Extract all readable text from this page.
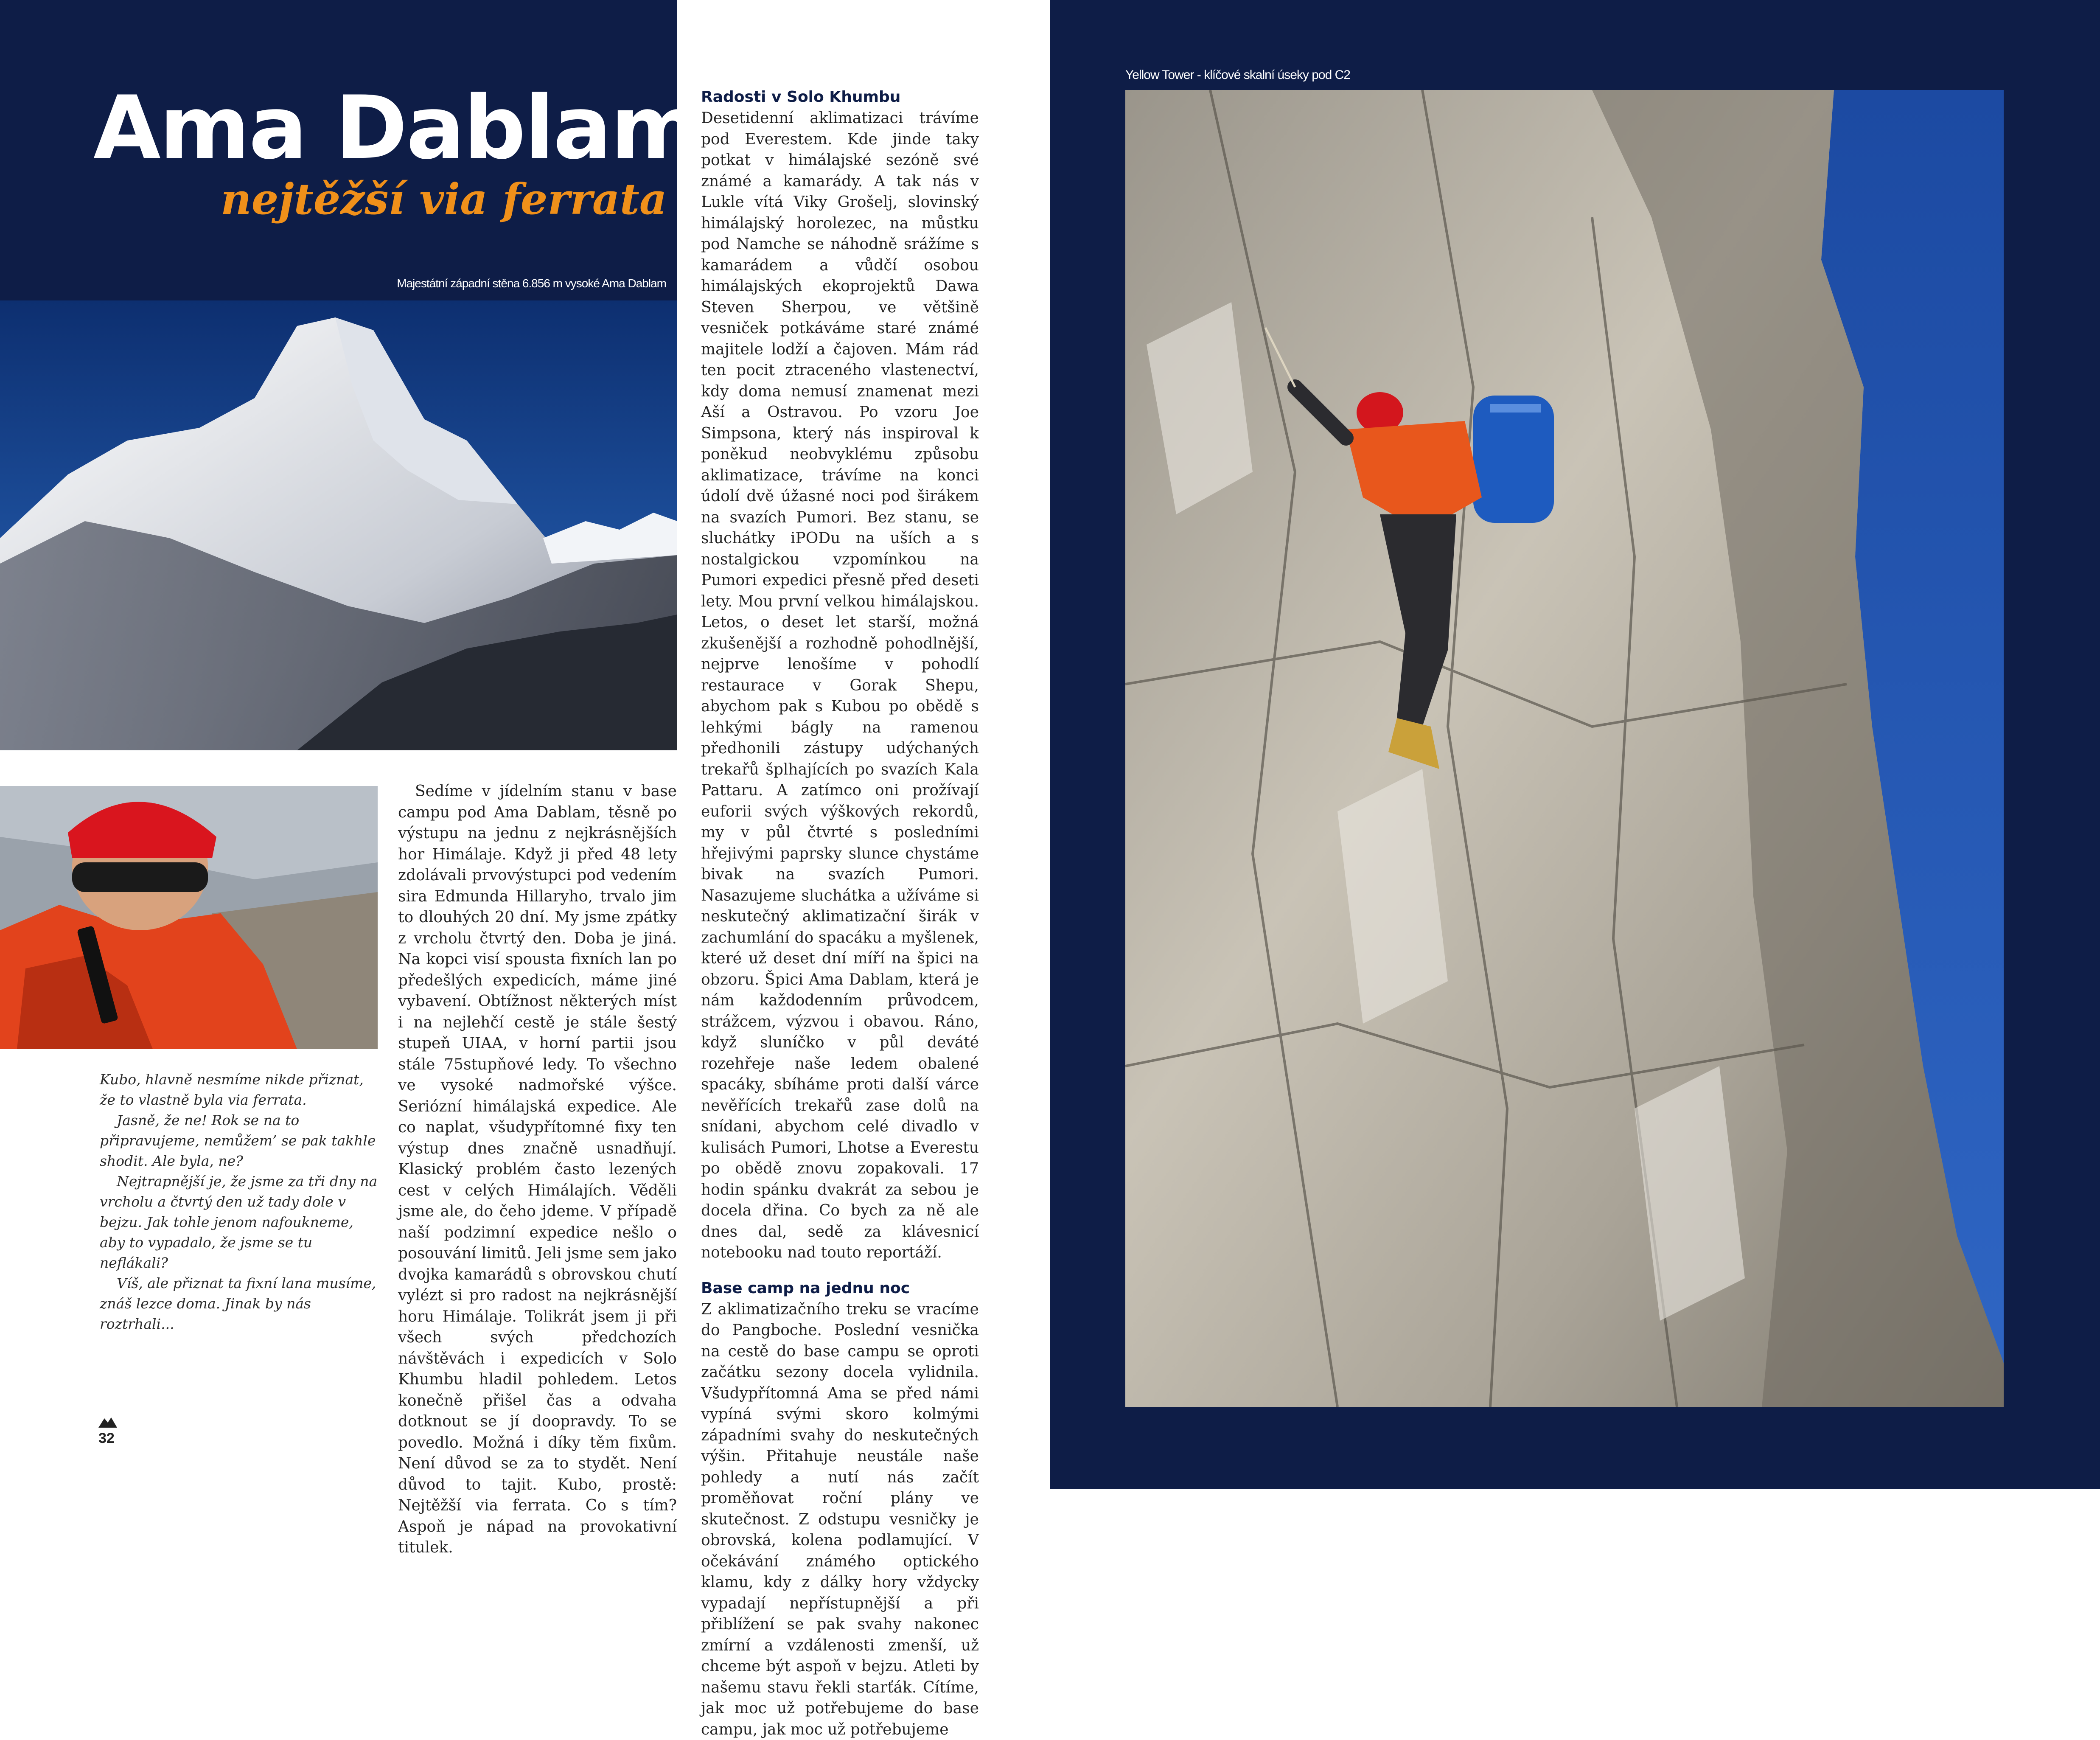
Ama Dablam
nejtěžší via ferrata
Majestátní západní stěna 6.856 m vysoké Ama Dablam

Kubo, hlavně nesmíme nikde přiznat, že to vlastně byla via ferrata.

Jasně, že ne! Rok se na to připravujeme, nemůžem’ se pak takhle shodit. Ale byla, ne?

Nejtrapnější je, že jsme za tři dny na vrcholu a čtvrtý den už tady dole v bejzu. Jak tohle jenom nafoukneme, aby to vypadalo, že jsme se tu neflákali?

Víš, ale přiznat ta fixní lana musíme, znáš lezce doma. Jinak by nás roztrhali...

Sedíme v jídelním stanu v base campu pod Ama Dablam, těsně po výstupu na jednu z nejkrásnějších hor Himálaje. Když ji před 48 lety zdolávali prvovýstupci pod vedením sira Edmunda Hillaryho, trvalo jim to dlouhých 20 dní. My jsme zpátky z vrcholu čtvrtý den. Doba je jiná. Na kopci visí spousta fixních lan po předešlých expedicích, máme jiné vybavení. Obtížnost některých míst i na nejlehčí cestě je stále šestý stupeň UIAA, v horní partii jsou stále 75stupňové ledy. To všechno ve vysoké nadmořské výšce. Seriózní himálajská expedice. Ale co naplat, všudypřítomné fixy ten výstup dnes značně usnadňují. Klasický problém často lezených cest v celých Himálajích. Věděli jsme ale, do čeho jdeme. V případě naší podzimní expedice nešlo o posouvání limitů. Jeli jsme sem jako dvojka kamarádů s obrovskou chutí vylézt si pro radost na nejkrásnější horu Himálaje. Tolikrát jsem ji při všech svých předchozích návštěvách i expedicích v Solo Khumbu hladil pohledem. Letos konečně přišel čas a odvaha dotknout se jí doopravdy. To se povedlo. Možná i díky těm fixům. Není důvod se za to stydět. Není důvod to tajit. Kubo, prostě: Nejtěžší via ferrata. Co s tím? Aspoň je nápad na provokativní titulek.

Radosti v Solo Khumbu

Desetidenní aklimatizaci trávíme pod Everestem. Kde jinde taky potkat v himálajské sezóně své známé a kamarády. A tak nás v Lukle vítá Viky Grošelj, slovinský himálajský horolezec, na můstku pod Namche se náhodně srážíme s kamarádem a vůdčí osobou himálajských ekoprojektů Dawa Steven Sherpou, ve většině vesniček potkáváme staré známé majitele lodží a čajoven. Mám rád ten pocit ztraceného vlastenectví, kdy doma nemusí znamenat mezi Aší a Ostravou. Po vzoru Joe Simpsona, který nás inspiroval k poněkud neobvyklému způsobu aklimatizace, trávíme na konci údolí dvě úžasné noci pod širákem na svazích Pumori. Bez stanu, se sluchátky iPODu na uších a s nostalgickou vzpomínkou na Pumori expedici přesně před deseti lety. Mou první velkou himálajskou. Letos, o deset let starší, možná zkušenější a rozhodně pohodlnější, nejprve lenošíme v pohodlí restaurace v Gorak Shepu, abychom pak s Kubou po obědě s lehkými bágly na ramenou předhonili zástupy udýchaných trekařů šplhajících po svazích Kala Pattaru. A zatímco oni prožívají euforii svých výškových rekordů, my v půl čtvrté s posledními hřejivými paprsky slunce chystáme bivak na svazích Pumori. Nasazujeme sluchátka a užíváme si neskutečný aklimatizační širák v zachumlání do spacáku a myšlenek, které už deset dní míří na špici na obzoru. Špici Ama Dablam, která je nám každodenním průvodcem, strážcem, výzvou i obavou. Ráno, když sluníčko v půl deváté rozehřeje naše ledem obalené spacáky, sbíháme proti další várce nevěřících trekařů zase dolů na snídani, abychom celé divadlo v kulisách Pumori, Lhotse a Everestu po obědě znovu zopakovali. 17 hodin spánku dvakrát za sebou je docela dřina. Co bych za ně ale dnes dal, sedě za klávesnicí notebooku nad touto reportáží.

Base camp na jednu noc

Z aklimatizačního treku se vracíme do Pangboche. Poslední vesnička na cestě do base campu se oproti začátku sezony docela vylidnila. Všudypřítomná Ama se před námi vypíná svými skoro kolmými západními svahy do neskutečných výšin. Přitahuje neustále naše pohledy a nutí nás začít proměňovat roční plány ve skutečnost. Z odstupu vesničky je obrovská, kolena podlamující. V očekávání známého optického klamu, kdy z dálky hory vždycky vypadají nepřístupnější a při přiblížení se pak svahy nakonec zmírní a vzdálenosti zmenší, už chceme být aspoň v bejzu. Atleti by našemu stavu řekli starťák. Cítíme, jak moc už potřebujeme do base campu, jak moc už potřebujeme

32
Yellow Tower - klíčové skalní úseky pod C2
